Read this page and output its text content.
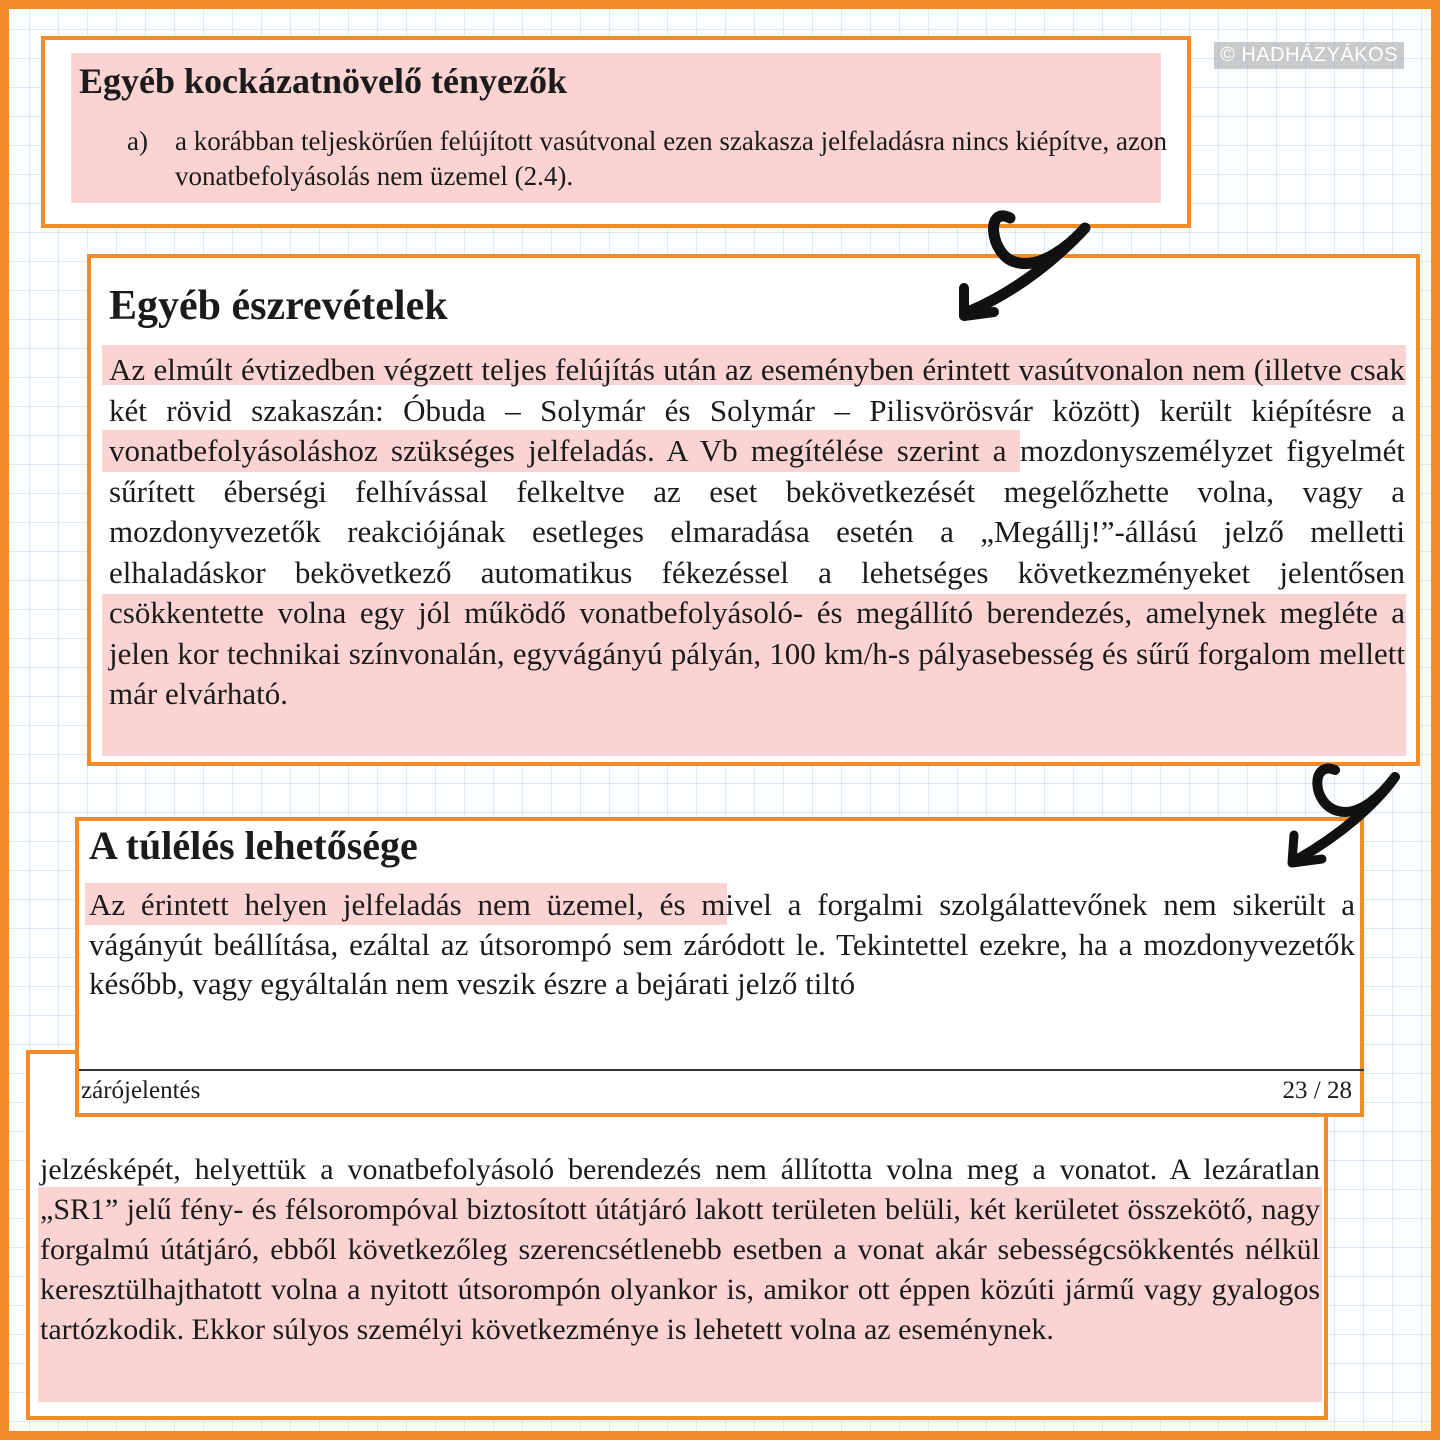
© HADHÁZYÁKOS
Egyéb kockázatnövelő tényezők
a) a korábban teljeskörűen felújított vasútvonal ezen szakasza jelfeladásra nincs kiépítve, azon vonatbefolyásolás nem üzemel (2.4).
Egyéb észrevételek
Az elmúlt évtizedben végzett teljes felújítás után az eseményben érintett vasútvonalon nem (illetve csak két rövid szakaszán: Óbuda – Solymár és Solymár – Pilisvörösvár között) került kiépítésre a vonatbefolyásoláshoz szükséges jelfeladás. A Vb megítélése szerint a mozdonyszemélyzet figyelmét sűrített éberségi felhívással felkeltve az eset bekövetkezését megelőzhette volna, vagy a mozdonyvezetők reakciójának esetleges elmaradása esetén a „Megállj!”-állású jelző melletti elhaladáskor bekövetkező automatikus fékezéssel a lehetséges következményeket jelentősen csökkentette volna egy jól működő vonatbefolyásoló- és megállító berendezés, amelynek megléte a jelen kor technikai színvonalán, egyvágányú pályán, 100 km/h-s pályasebesség és sűrű forgalom mellett már elvárható.
jelzésképét, helyettük a vonatbefolyásoló berendezés nem állította volna meg a vonatot. A lezáratlan „SR1” jelű fény- és félsorompóval biztosított útátjáró lakott területen belüli, két kerületet összekötő, nagy forgalmú útátjáró, ebből következőleg szerencsétlenebb esetben a vonat akár sebességcsökkentés nélkül keresztülhajthatott volna a nyitott útsorompón olyankor is, amikor ott éppen közúti jármű vagy gyalogos tartózkodik. Ekkor súlyos személyi következménye is lehetett volna az eseménynek.
A túlélés lehetősége
Az érintett helyen jelfeladás nem üzemel, és mivel a forgalmi szolgálattevőnek nem sikerült a vágányút beállítása, ezáltal az útsorompó sem záródott le. Tekintettel ezekre, ha a mozdonyvezetők később, vagy egyáltalán nem veszik észre a bejárati jelző tiltó
zárójelentés	23 / 28
